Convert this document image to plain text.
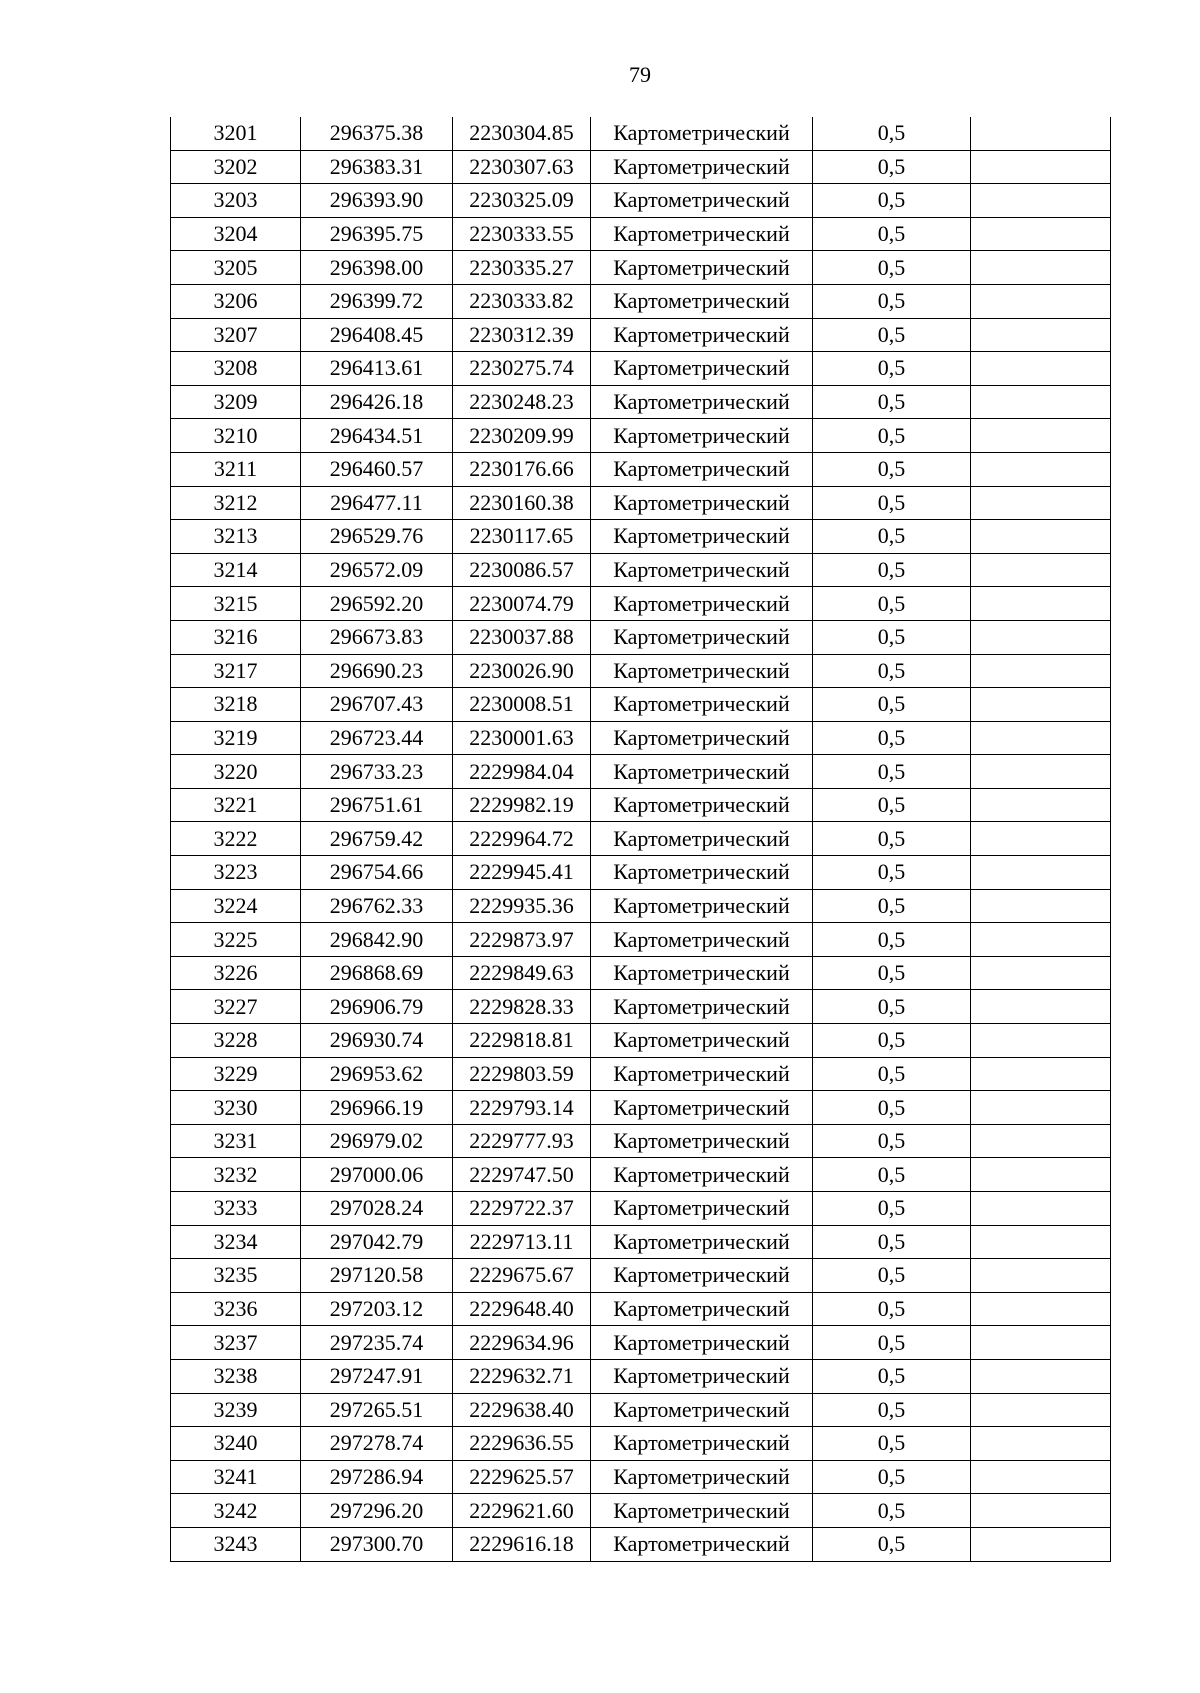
79
3201	296375.38	2230304.85	Картометрический	0,5	
3202	296383.31	2230307.63	Картометрический	0,5	
3203	296393.90	2230325.09	Картометрический	0,5	
3204	296395.75	2230333.55	Картометрический	0,5	
3205	296398.00	2230335.27	Картометрический	0,5	
3206	296399.72	2230333.82	Картометрический	0,5	
3207	296408.45	2230312.39	Картометрический	0,5	
3208	296413.61	2230275.74	Картометрический	0,5	
3209	296426.18	2230248.23	Картометрический	0,5	
3210	296434.51	2230209.99	Картометрический	0,5	
3211	296460.57	2230176.66	Картометрический	0,5	
3212	296477.11	2230160.38	Картометрический	0,5	
3213	296529.76	2230117.65	Картометрический	0,5	
3214	296572.09	2230086.57	Картометрический	0,5	
3215	296592.20	2230074.79	Картометрический	0,5	
3216	296673.83	2230037.88	Картометрический	0,5	
3217	296690.23	2230026.90	Картометрический	0,5	
3218	296707.43	2230008.51	Картометрический	0,5	
3219	296723.44	2230001.63	Картометрический	0,5	
3220	296733.23	2229984.04	Картометрический	0,5	
3221	296751.61	2229982.19	Картометрический	0,5	
3222	296759.42	2229964.72	Картометрический	0,5	
3223	296754.66	2229945.41	Картометрический	0,5	
3224	296762.33	2229935.36	Картометрический	0,5	
3225	296842.90	2229873.97	Картометрический	0,5	
3226	296868.69	2229849.63	Картометрический	0,5	
3227	296906.79	2229828.33	Картометрический	0,5	
3228	296930.74	2229818.81	Картометрический	0,5	
3229	296953.62	2229803.59	Картометрический	0,5	
3230	296966.19	2229793.14	Картометрический	0,5	
3231	296979.02	2229777.93	Картометрический	0,5	
3232	297000.06	2229747.50	Картометрический	0,5	
3233	297028.24	2229722.37	Картометрический	0,5	
3234	297042.79	2229713.11	Картометрический	0,5	
3235	297120.58	2229675.67	Картометрический	0,5	
3236	297203.12	2229648.40	Картометрический	0,5	
3237	297235.74	2229634.96	Картометрический	0,5	
3238	297247.91	2229632.71	Картометрический	0,5	
3239	297265.51	2229638.40	Картометрический	0,5	
3240	297278.74	2229636.55	Картометрический	0,5	
3241	297286.94	2229625.57	Картометрический	0,5	
3242	297296.20	2229621.60	Картометрический	0,5	
3243	297300.70	2229616.18	Картометрический	0,5	
